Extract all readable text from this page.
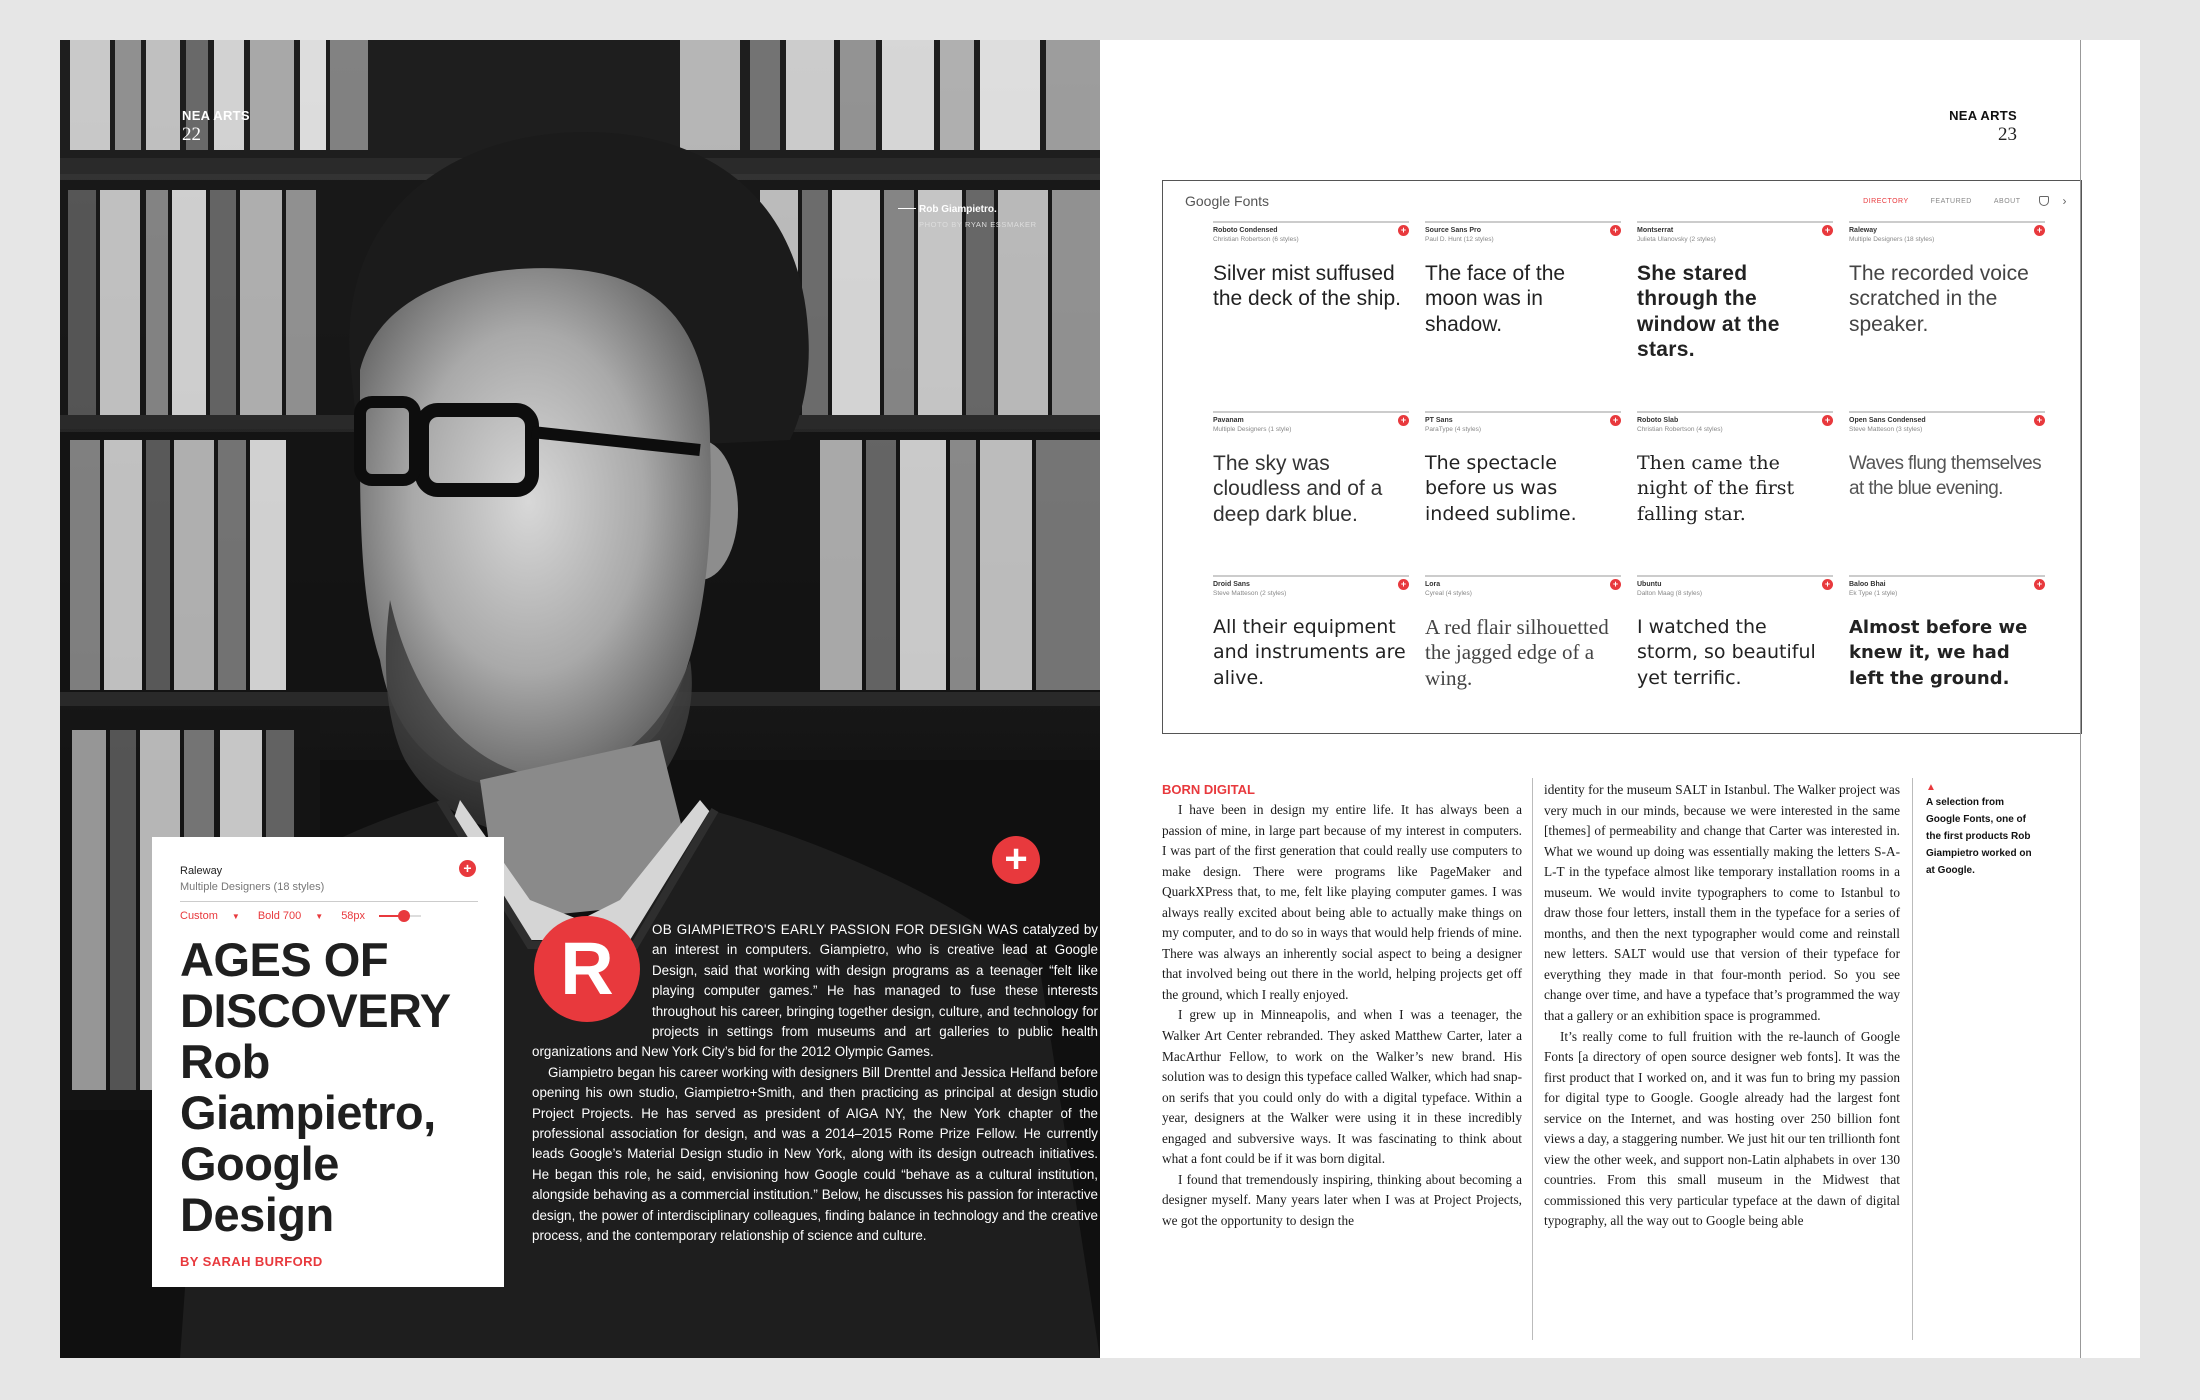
NEA ARTS
22
Rob Giampietro.
PHOTO BY RYAN ESSMAKER
Raleway
Multiple Designers (18 styles)
+
Custom ▼ Bold 700 ▼ 58px
AGES OF DISCOVERY Rob Giampietro, Google Design
BY SARAH BURFORD
+
R	OB GIAMPIETRO'S EARLY PASSION FOR DESIGN WAS catalyzed by an interest in computers. Giampietro, who is creative lead at Google Design, said that working with design programs as a teenager “felt like playing computer games.” He has managed to fuse these interests throughout his career, bringing together design, culture, and technology for projects in settings from museums and art galleries to public health organizations and New York City’s bid for the 2012 Olympic Games.

Giampietro began his career working with designers Bill Drenttel and Jessica Helfand before opening his own studio, Giampietro+Smith, and then practicing as principal at design studio Project Projects. He has served as president of AIGA NY, the New York chapter of the professional association for design, and was a 2014–2015 Rome Prize Fellow. He currently leads Google’s Material Design studio in New York, along with its design outreach initiatives. He began this role, he said, envisioning how Google could “behave as a cultural institution, alongside behaving as a commercial institution.” Below, he discusses his passion for interactive design, the power of interdisciplinary colleagues, finding balance in technology and the creative process, and the contemporary relationship of science and culture.

NEA ARTS
23
Google Fonts	DIRECTORY	FEATURED	ABOUT	›
Roboto Condensed
Christian Robertson (6 styles)
+
Silver mist suffused the deck of the ship.
Source Sans Pro
Paul D. Hunt (12 styles)
+
The face of the moon was in shadow.
Montserrat
Julieta Ulanovsky (2 styles)
+
She stared through the window at the stars.
Raleway
Multiple Designers (18 styles)
+
The recorded voice scratched in the speaker.
Pavanam
Multiple Designers (1 style)
+
The sky was cloudless and of a deep dark blue.
PT Sans
ParaType (4 styles)
+
The spectacle before us was indeed sublime.
Roboto Slab
Christian Robertson (4 styles)
+
Then came the night of the first falling star.
Open Sans Condensed
Steve Matteson (3 styles)
+
Waves flung themselves at the blue evening.
Droid Sans
Steve Matteson (2 styles)
+
All their equipment and instruments are alive.
Lora
Cyreal (4 styles)
+
A red flair silhouetted the jagged edge of a wing.
Ubuntu
Dalton Maag (8 styles)
+
I watched the storm, so beautiful yet terrific.
Baloo Bhai
Ek Type (1 style)
+
Almost before we knew it, we had left the ground.
▲
A selection from Google Fonts, one of the first products Rob Giampietro worked on at Google.

BORN DIGITAL

I have been in design my entire life. It has always been a passion of mine, in large part because of my interest in computers. I was part of the first generation that could really use computers to make design. There were programs like PageMaker and QuarkXPress that, to me, felt like playing computer games. I was always really excited about being able to actually make things on my computer, and to do so in ways that would help friends of mine. There was always an inherently social aspect to being a designer that involved being out there in the world, helping projects get off the ground, which I really enjoyed.

I grew up in Minneapolis, and when I was a teenager, the Walker Art Center rebranded. They asked Matthew Carter, later a MacArthur Fellow, to work on the Walker’s new brand. His solution was to design this typeface called Walker, which had snap-on serifs that you could only do with a digital typeface. Within a year, designers at the Walker were using it in these incredibly engaged and subversive ways. It was fascinating to think about what a font could be if it was born digital.

I found that tremendously inspiring, thinking about becoming a designer myself. Many years later when I was at Project Projects, we got the opportunity to design the

identity for the museum SALT in Istanbul. The Walker project was very much in our minds, because we were interested in the same [themes] of permeability and change that Carter was interested in. What we wound up doing was essentially making the letters S-A-L-T in the typeface almost like temporary installation rooms in a museum. We would invite typographers to come to Istanbul to draw those four letters, install them in the typeface for a series of months, and then the next typographer would come and reinstall new letters. SALT would use that version of their typeface for everything they made in that four-month period. So you see change over time, and have a typeface that’s programmed the way that a gallery or an exhibition space is programmed.

It’s really come to full fruition with the re-launch of Google Fonts [a directory of open source designer web fonts]. It was the first product that I worked on, and it was fun to bring my passion for digital type to Google. Google already had the largest font service on the Internet, and was hosting over 250 billion font views a day, a staggering number. We just hit our ten trillionth font view the other week, and support non-Latin alphabets in over 130 countries. From this small museum in the Midwest that commissioned this very particular typeface at the dawn of digital typography, all the way out to Google being able
